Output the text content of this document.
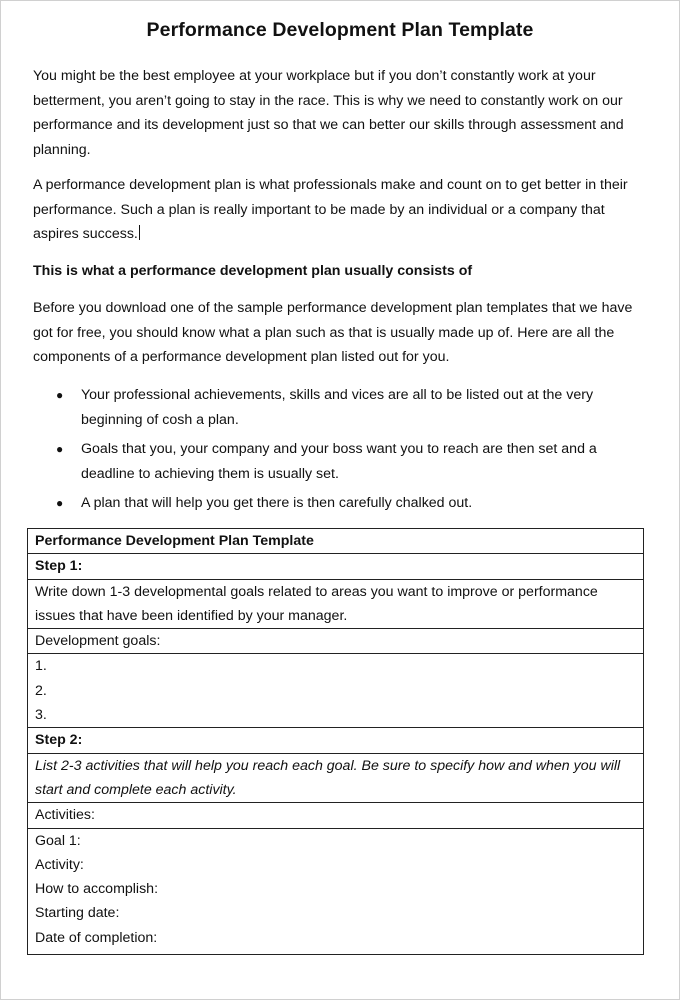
Performance Development Plan Template
You might be the best employee at your workplace but if you don’t constantly work at your betterment, you aren’t going to stay in the race. This is why we need to constantly work on our performance and its development just so that we can better our skills through assessment and planning.
A performance development plan is what professionals make and count on to get better in their performance. Such a plan is really important to be made by an individual or a company that aspires success.
This is what a performance development plan usually consists of
Before you download one of the sample performance development plan templates that we have got for free, you should know what a plan such as that is usually made up of. Here are all the components of a performance development plan listed out for you.
● Your professional achievements, skills and vices are all to be listed out at the very beginning of cosh a plan.
● Goals that you, your company and your boss want you to reach are then set and a deadline to achieving them is usually set.
● A plan that will help you get there is then carefully chalked out.
Performance Development Plan Template
Step 1:
Write down 1-3 developmental goals related to areas you want to improve or performance issues that have been identified by your manager.
Development goals:

1.
2.
3.

Step 2:
List 2-3 activities that will help you reach each goal. Be sure to specify how and when you will start and complete each activity.
Activities:

Goal 1:
Activity:
How to accomplish:
Starting date:
Date of completion:
